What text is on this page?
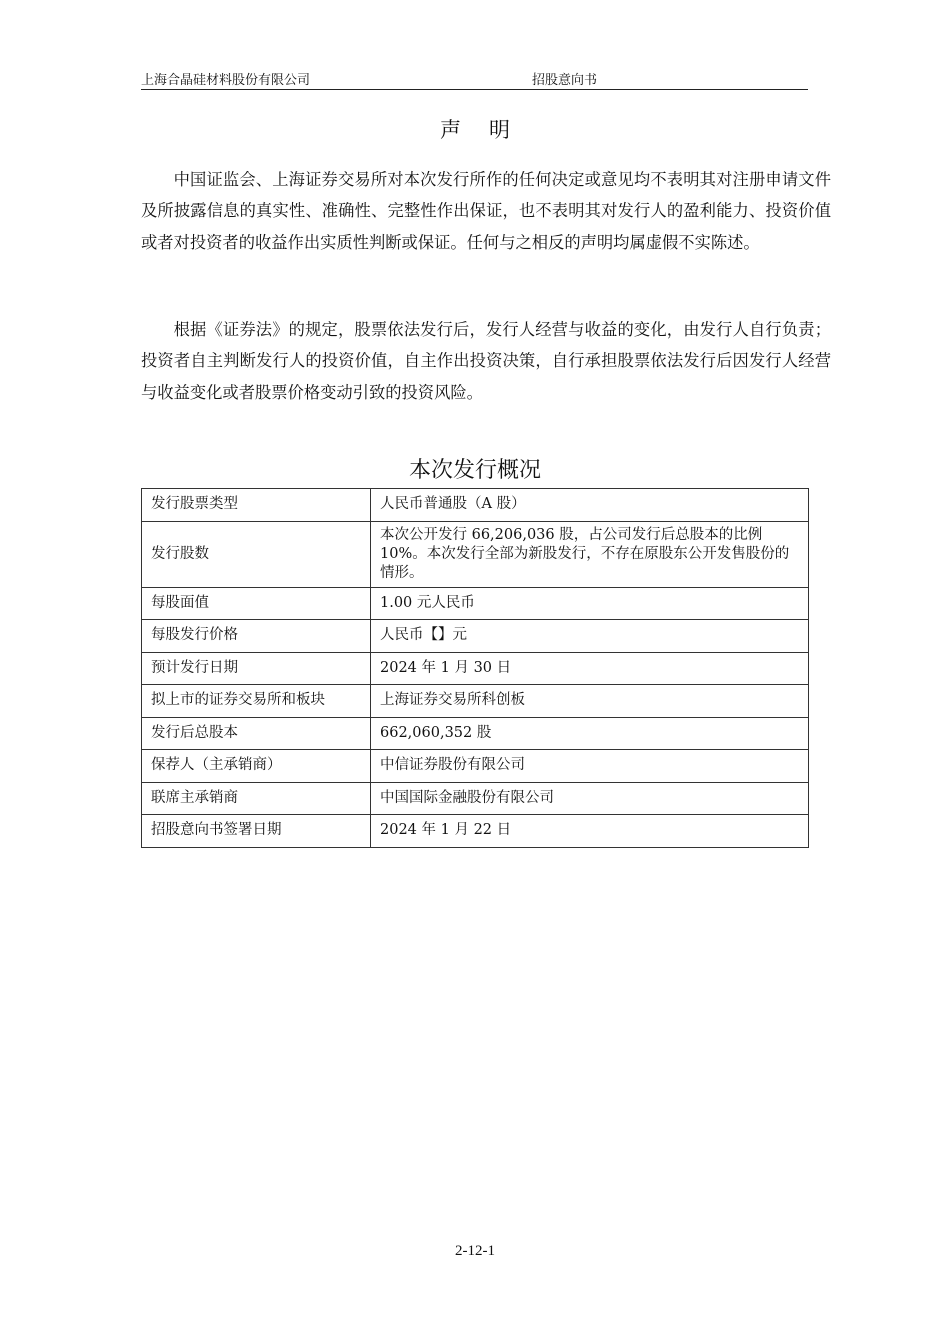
上海合晶硅材料股份有限公司	招股意向书
声 明

中国证监会、上海证券交易所对本次发行所作的任何决定或意见均不表明其对注册申请文件及所披露信息的真实性、准确性、完整性作出保证，也不表明其对发行人的盈利能力、投资价值或者对投资者的收益作出实质性判断或保证。任何与之相反的声明均属虚假不实陈述。

根据《证券法》的规定，股票依法发行后，发行人经营与收益的变化，由发行人自行负责；投资者自主判断发行人的投资价值，自主作出投资决策，自行承担股票依法发行后因发行人经营与收益变化或者股票价格变动引致的投资风险。

本次发行概况
发行股票类型	人民币普通股（A 股）
发行股数	本次公开发行 66,206,036 股，占公司发行后总股本的比例 10%。本次发行全部为新股发行，不存在原股东公开发售股份的情形。
每股面值	1.00 元人民币
每股发行价格	人民币【】元
预计发行日期	2024 年 1 月 30 日
拟上市的证券交易所和板块	上海证券交易所科创板
发行后总股本	662,060,352 股
保荐人（主承销商）	中信证券股份有限公司
联席主承销商	中国国际金融股份有限公司
招股意向书签署日期	2024 年 1 月 22 日
2-12-1
